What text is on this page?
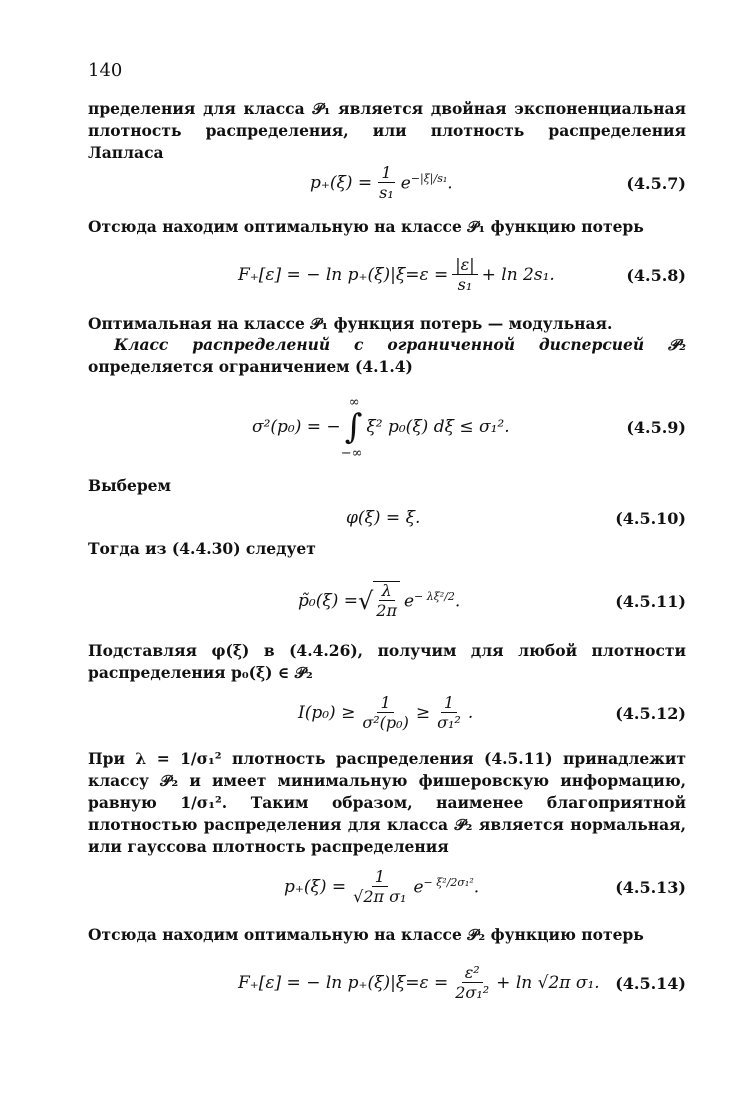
140
пределения для класса 𝒫₁ является двойная экспоненциальная плотность распределения, или плотность распределения Лапласа
$p_+(\xi) = \frac{1}{\text{s₁}} e^{-|\xi|/s_1}$.	(4.5.7)
Отсюда находим оптимальную на классе 𝒫₁ функцию потерь
F₊[ε] = − $\ln p_+(\xi)|\xi=\varepsilon = \frac{|\varepsilon|}{\text{s₁}} + \ln 2s_1$.	(4.5.8)
Оптимальная на классе 𝒫₁ функция потерь — модульная.
Класс распределений с ограниченной дисперсией 𝒫₂ определяется ограничением (4.1.4)
σ²(p₀) = − ∫
∞
−∞
ξ² p₀(ξ) dξ ≤ σ₁².	(4.5.9)
Выберем
φ(ξ) = ξ.	(4.5.10)
Тогда из (4.4.30) следует
p̃₀(ξ) = √ $\frac{\lambda}{2\pi} e^{- \lambda\xi^2/2}$.	(4.5.11)
Подставляя φ(ξ) в (4.4.26), получим для любой плотности распределения p₀(ξ) ∈ 𝒫₂
$I(p_0) \ge \frac{1}{\text{σ²(p₀)}} \ge \frac{1}{\text{σ₁²}}$ .	(4.5.12)
При λ = 1/σ₁² плотность распределения (4.5.11) принадлежит классу 𝒫₂ и имеет минимальную фишеровскую информацию, равную 1/σ₁². Таким образом, наименее благоприятной плотностью распределения для класса 𝒫₂ является нормальная, или гауссова плотность распределения
$p_+(\xi) = \frac{1}{\text{√2π σ₁}} e^{- \xi^2/2\sigma_1^2}$.	(4.5.13)
Отсюда находим оптимальную на классе 𝒫₂ функцию потерь
F₊[ε] = − $\ln p_+(\xi)|\xi=\varepsilon = \frac{\text{ε²}}{\text{2σ₁²}} + \ln √2\pi$ σ₁. (4.5.14)
